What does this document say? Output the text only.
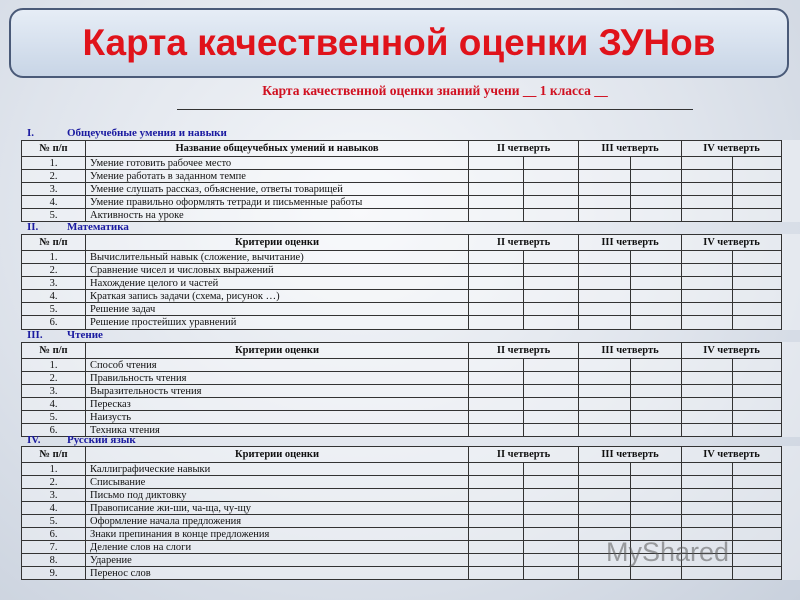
Карта качественной оценки ЗУНов
Карта качественной оценки знаний учени __ 1 класса __
I.	Общеучебные умения и навыки
№ п/п	Название общеучебных умений и навыков	II четверть		III четверть		IV четверть	
1.	Умение готовить рабочее место						
2.	Умение работать в заданном темпе						
3.	Умение слушать рассказ, объяснение, ответы товарищей						
4.	Умение правильно оформлять тетради и письменные работы						
5.	Активность на уроке						
II.	Математика
№ п/п	Критерии оценки	II четверть		III четверть		IV четверть	
1.	Вычислительный навык (сложение, вычитание)						
2.	Сравнение чисел и числовых выражений						
3.	Нахождение целого и частей						
4.	Краткая запись задачи (схема, рисунок …)						
5.	Решение задач						
6.	Решение простейших уравнений						
III. Чтение
№ п/п	Критерии оценки	II четверть		III четверть		IV четверть	
1.	Способ чтения						
2.	Правильность чтения						
3.	Выразительность чтения						
4.	Пересказ						
5.	Наизусть						
6.	Техника чтения						
IV. Русский язык
№ п/п	Критерии оценки	II четверть		III четверть		IV четверть	
1.	Каллиграфические навыки						
2.	Списывание						
3.	Письмо под диктовку						
4.	Правописание жи-ши, ча-ща, чу-щу						
5.	Оформление начала предложения						
6.	Знаки препинания в конце предложения						
7.	Деление слов на слоги						
8.	Ударение						
9.	Перенос слов						
MyShared
